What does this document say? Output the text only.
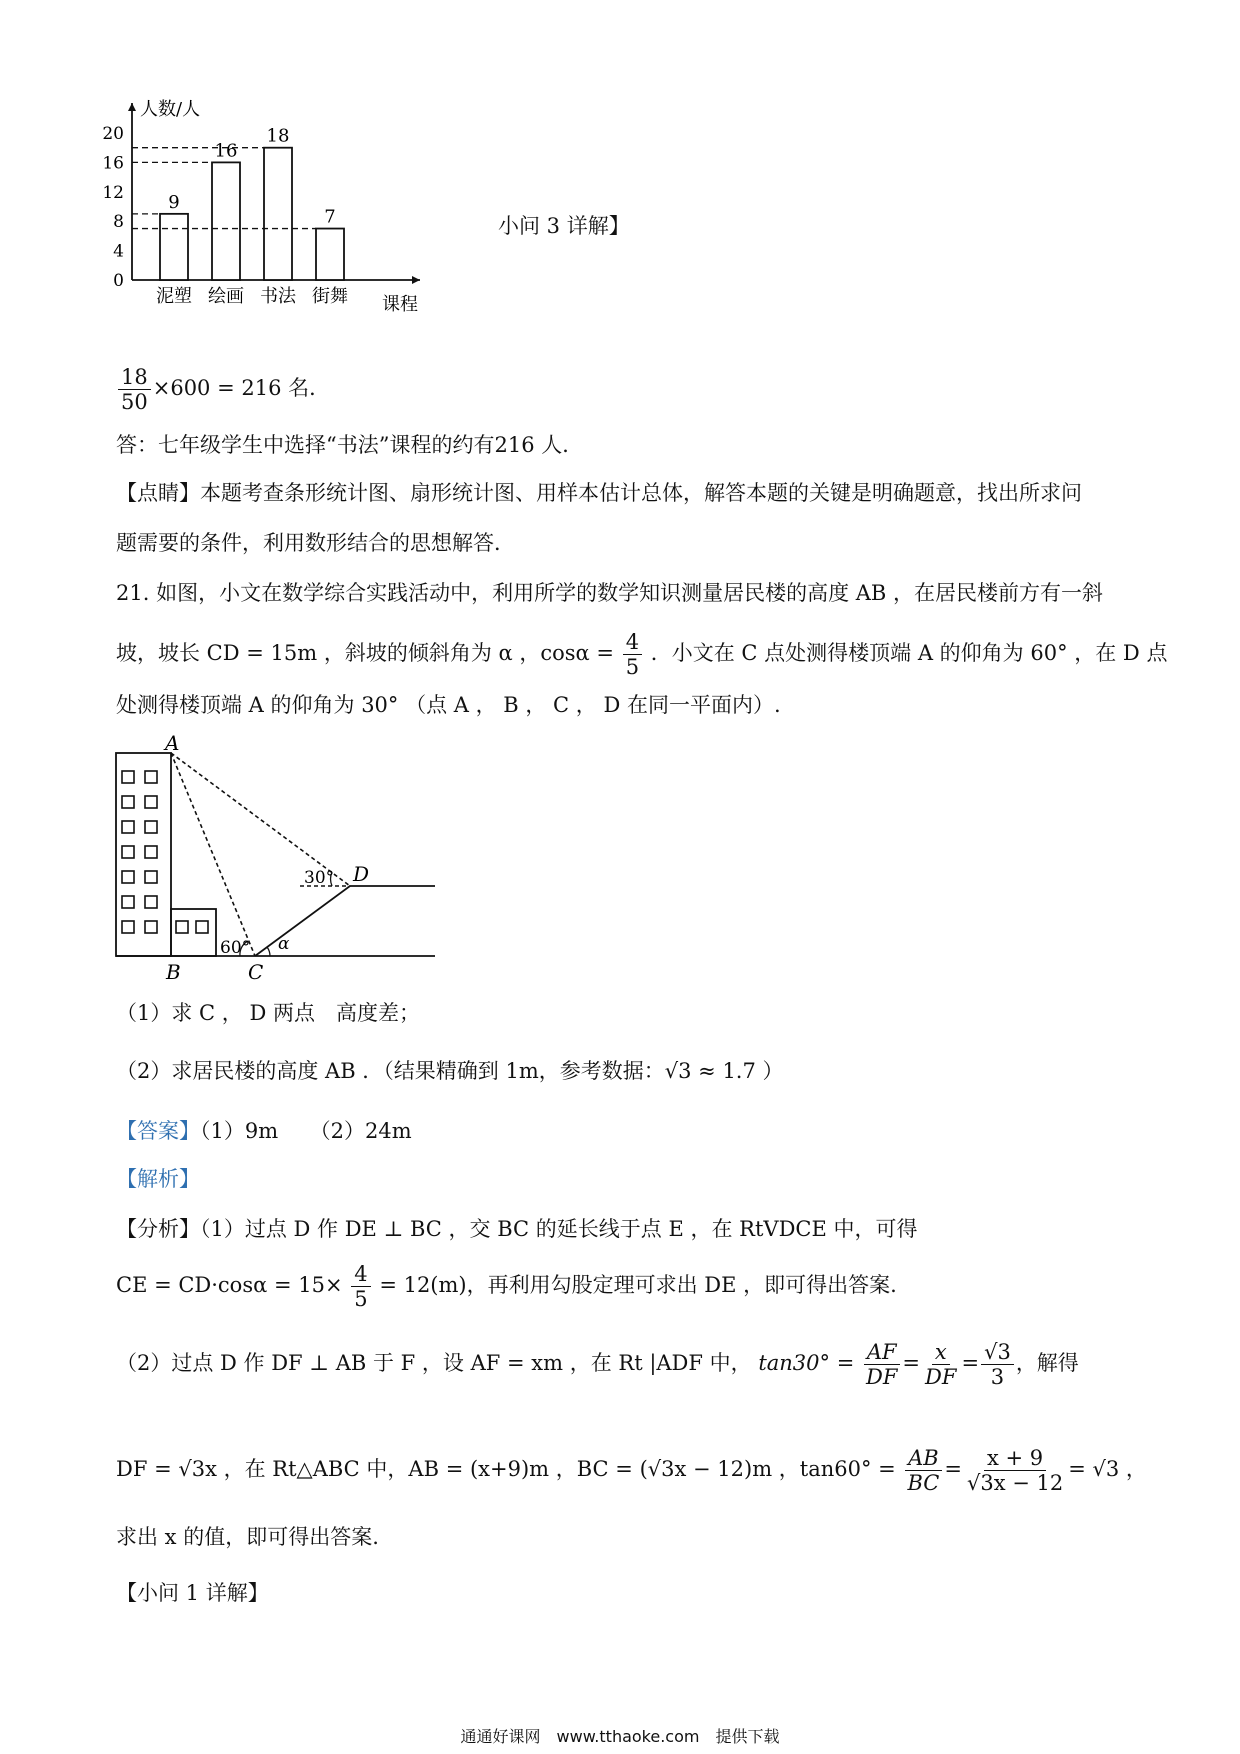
人数/人
课程
0
4
8
12
16
20
9
泥塑
16
绘画
18
书法
7
街舞
小问 3 详解】
$\frac{18}{50} \times 600 = 216$ 名．
答：七年级学生中选择“书法”课程的约有216 人．
【点睛】本题考查条形统计图、扇形统计图、用样本估计总体，解答本题的关键是明确题意，找出所求问
题需要的条件，利用数形结合的思想解答．
21. 如图，小文在数学综合实践活动中，利用所学的数学知识测量居民楼的高度 AB ，在居民楼前方有一斜
坡，坡长 CD = 15m ，斜坡的倾斜角为 α ，$\cos\alpha = \frac{4}{5}$ ．小文在 C 点处测得楼顶端 A 的仰角为 60° ，在 D 点
处测得楼顶端 A 的仰角为 30° （点 A ， B ， C ， D 在同一平面内）.
A
B	C
D
30°
60° α
（1）求 C ， D 两点　高度差；
（2）求居民楼的高度 AB ．（结果精确到 1m，参考数据：√3 ≈ 1.7 ）
【答案】（1）9m　　（2）24m
【解析】
【分析】（1）过点 D 作 DE ⊥ BC ，交 BC 的延长线于点 E ，在 RtVDCE 中，可得
CE = $CD\cdot\cos\alpha = 15\times \frac{4}{5} = 12(m)$，再利用勾股定理可求出 DE ，即可得出答案.
（2）过点 D 作 DF ⊥ AB 于 F ，设 AF = xm ，在 Rt |ADF 中， $\tan 30^\circ = \frac{AF}{DF} = \frac{x}{DF} = \frac{√3}{3}$ ，解得
DF = √3x ，在 Rt△ABC 中，AB = (x+9)m ，BC = (√3x − 12)m ，$\tan 60^\circ = \frac{AB}{BC} = \frac{x + 9}{√3x - 12} = √3$ ，
求出 x 的值，即可得出答案.
【小问 1 详解】
通通好课网　www.tthaoke.com　提供下载
